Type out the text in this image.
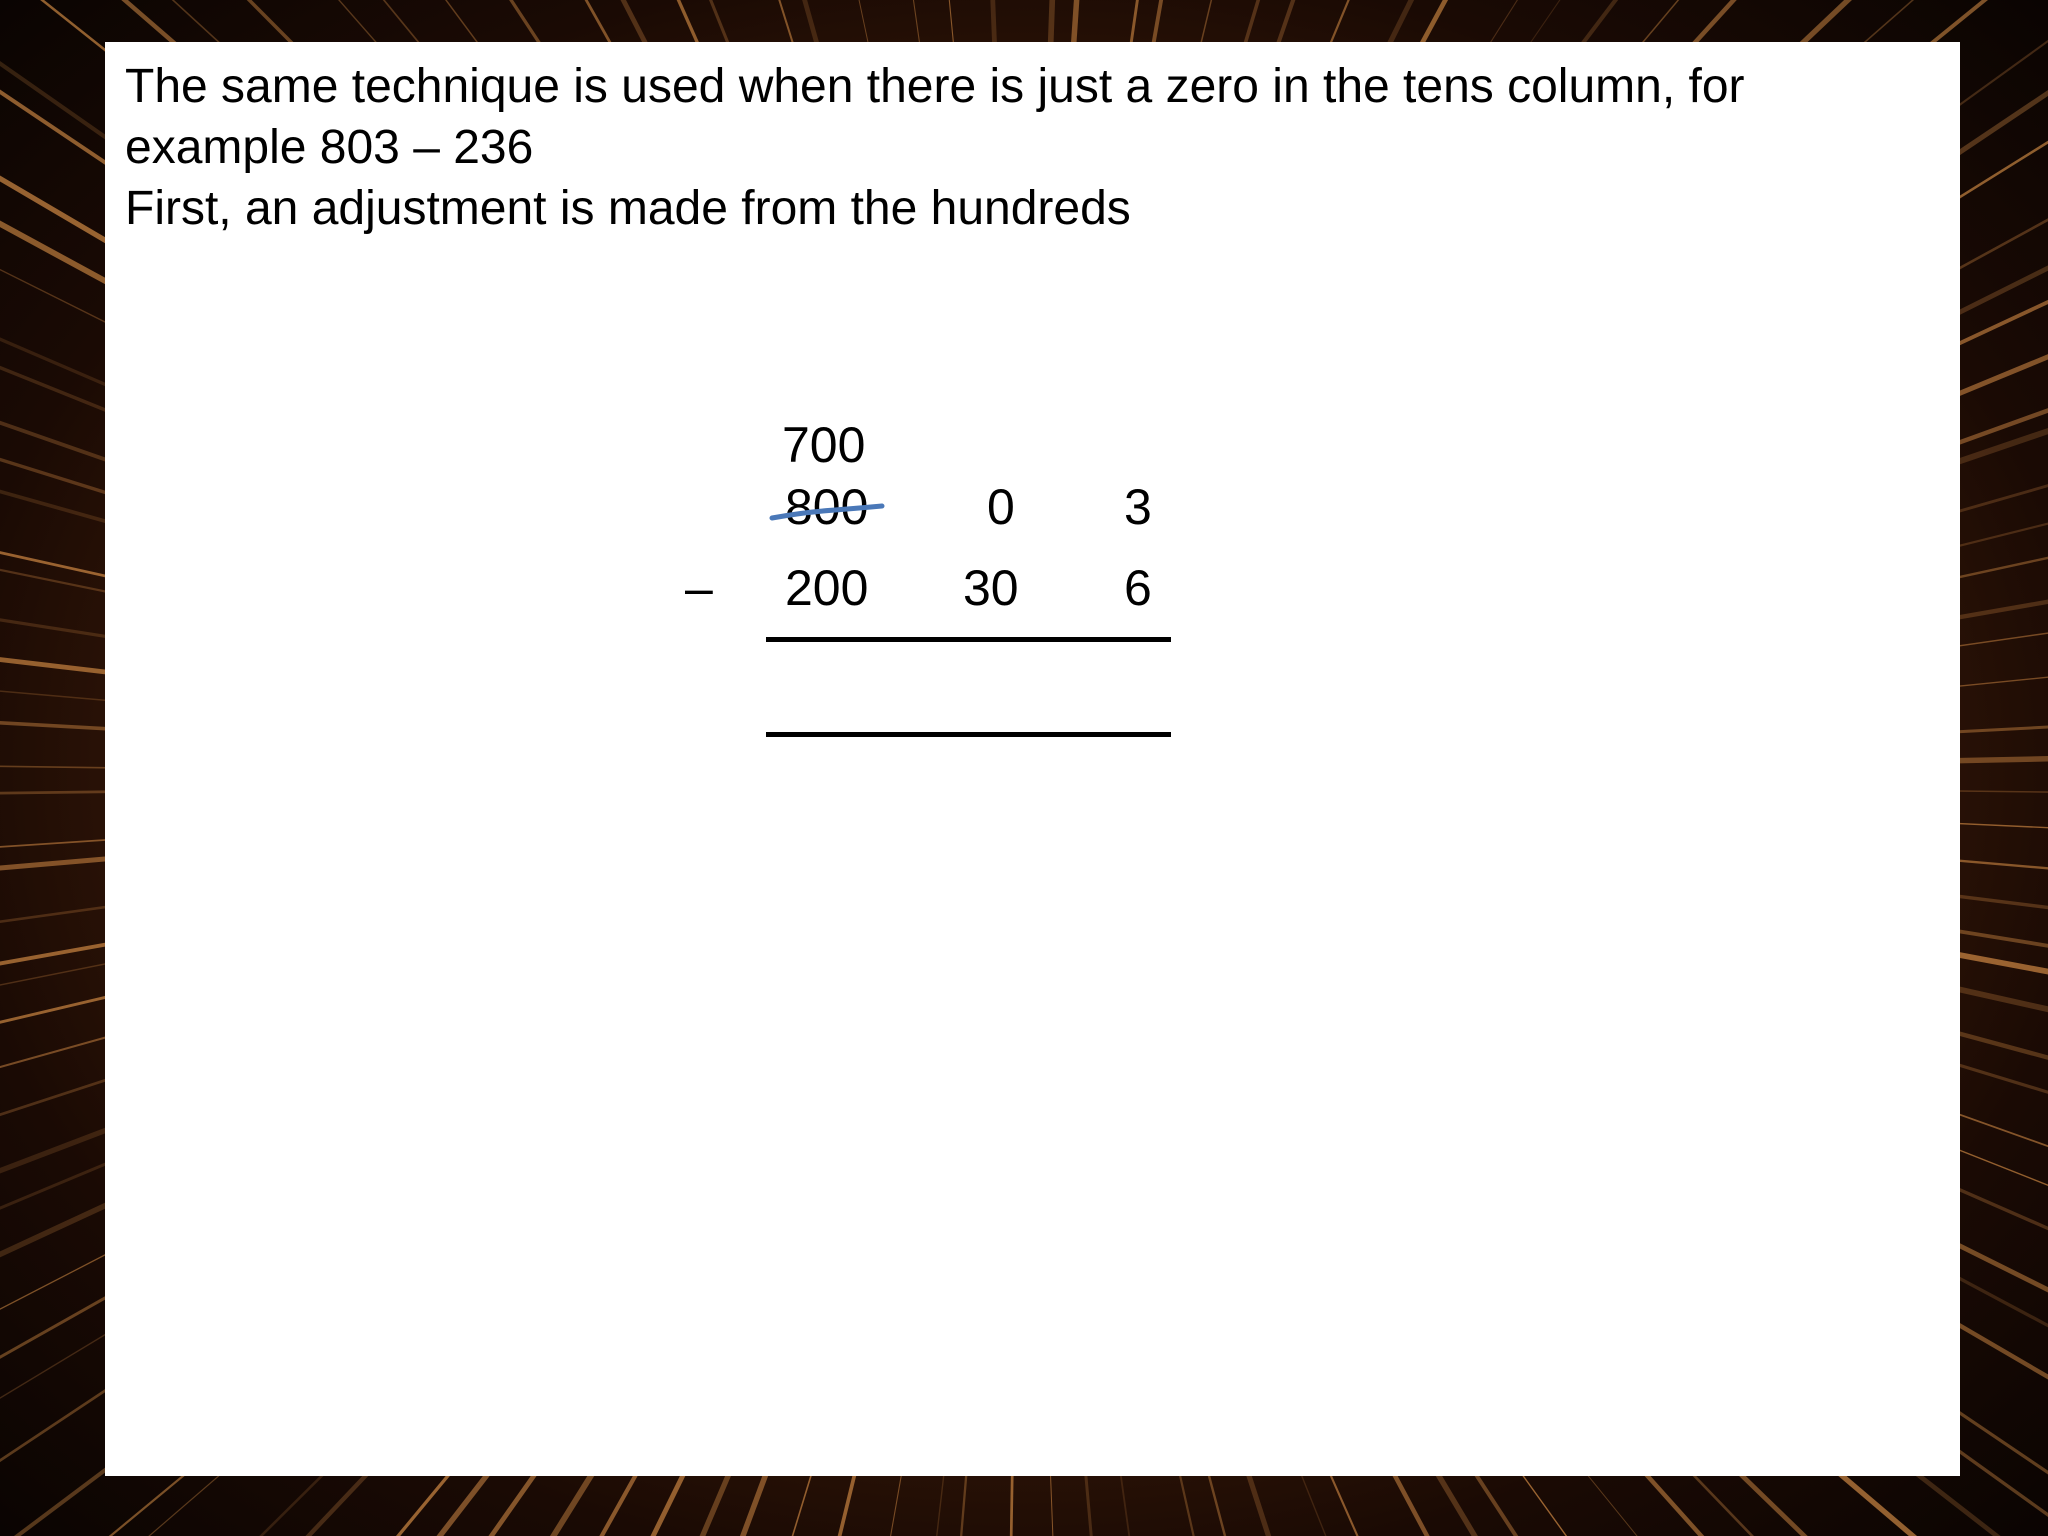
The same technique is used when there is just a zero in the tens column, for
example 803 – 236
First, an adjustment is made from the hundreds
700
800 0 3
– 200 30 6
